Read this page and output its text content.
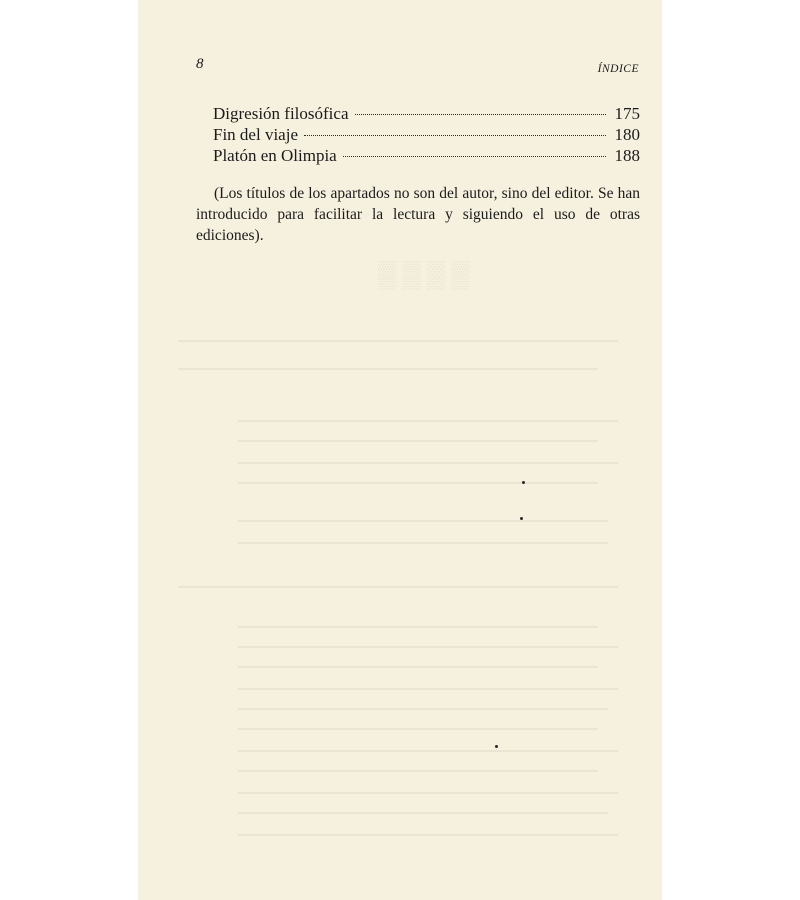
▒▒▒▒
8	ÍNDICE
Digresión filosófica	175
Fin del viaje	180
Platón en Olimpia	188

(Los títulos de los apartados no son del autor, sino del editor. Se han introducido para facilitar la lectura y siguiendo el uso de otras ediciones).
